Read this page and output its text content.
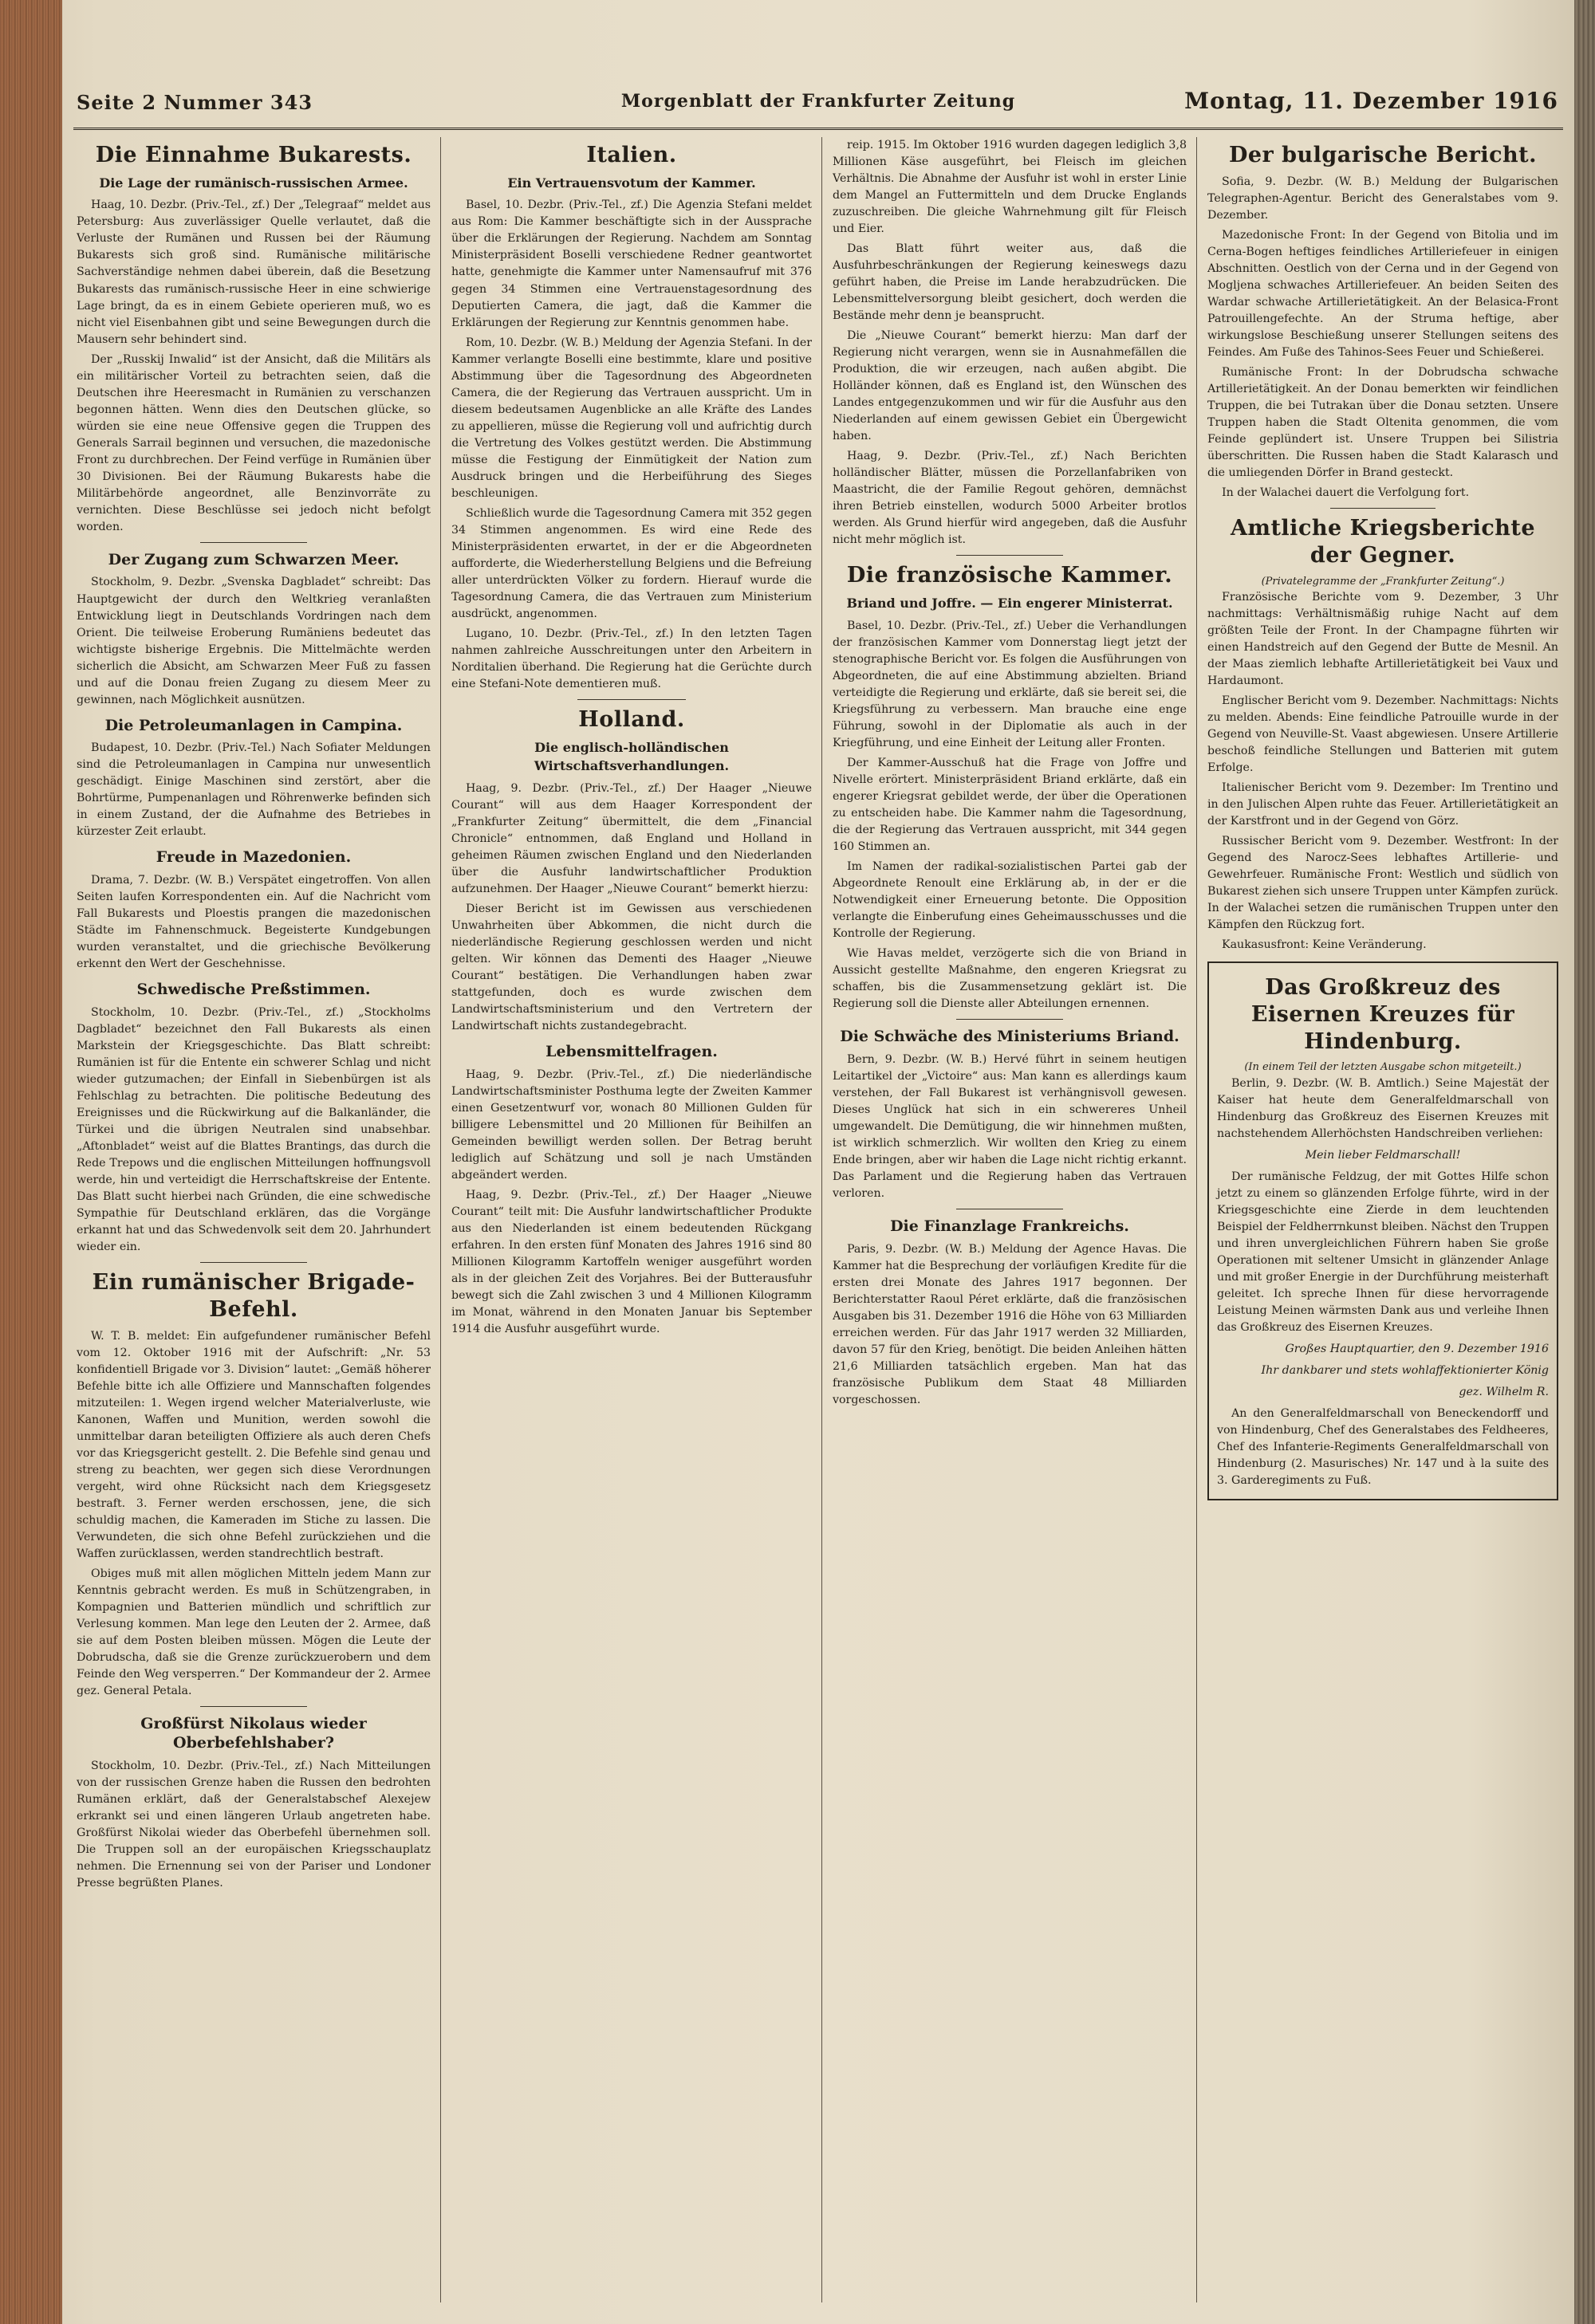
Seite 2 Nummer 343	Morgenblatt der Frankfurter Zeitung	Montag, 11. Dezember 1916
Die Einnahme Bukarests.
Die Lage der rumänisch-russischen Armee.

Haag, 10. Dezbr. (Priv.-Tel., zf.) Der „Telegraaf“ meldet aus Petersburg: Aus zuverlässiger Quelle verlautet, daß die Verluste der Rumänen und Russen bei der Räumung Bukarests sich groß sind. Rumänische militärische Sachverständige nehmen dabei überein, daß die Besetzung Bukarests das rumänisch-russische Heer in eine schwierige Lage bringt, da es in einem Gebiete operieren muß, wo es nicht viel Eisenbahnen gibt und seine Bewegungen durch die Mausern sehr behindert sind.

Der „Russkij Inwalid“ ist der Ansicht, daß die Militärs als ein militärischer Vorteil zu betrachten seien, daß die Deutschen ihre Heeresmacht in Rumänien zu verschanzen begonnen hätten. Wenn dies den Deutschen glücke, so würden sie eine neue Offensive gegen die Truppen des Generals Sarrail beginnen und versuchen, die mazedonische Front zu durchbrechen. Der Feind verfüge in Rumänien über 30 Divisionen. Bei der Räumung Bukarests habe die Militärbehörde angeordnet, alle Benzinvorräte zu vernichten. Diese Beschlüsse sei jedoch nicht befolgt worden.

Der Zugang zum Schwarzen Meer.

Stockholm, 9. Dezbr. „Svenska Dagbladet“ schreibt: Das Hauptgewicht der durch den Weltkrieg veranlaßten Entwicklung liegt in Deutschlands Vordringen nach dem Orient. Die teilweise Eroberung Rumäniens bedeutet das wichtigste bisherige Ergebnis. Die Mittelmächte werden sicherlich die Absicht, am Schwarzen Meer Fuß zu fassen und auf die Donau freien Zugang zu diesem Meer zu gewinnen, nach Möglichkeit ausnützen.

Die Petroleumanlagen in Campina.

Budapest, 10. Dezbr. (Priv.-Tel.) Nach Sofiater Meldungen sind die Petroleumanlagen in Campina nur unwesentlich geschädigt. Einige Maschinen sind zerstört, aber die Bohrtürme, Pumpenanlagen und Röhrenwerke befinden sich in einem Zustand, der die Aufnahme des Betriebes in kürzester Zeit erlaubt.

Freude in Mazedonien.

Drama, 7. Dezbr. (W. B.) Verspätet eingetroffen. Von allen Seiten laufen Korrespondenten ein. Auf die Nachricht vom Fall Bukarests und Ploestis prangen die mazedonischen Städte im Fahnenschmuck. Begeisterte Kundgebungen wurden veranstaltet, und die griechische Bevölkerung erkennt den Wert der Geschehnisse.

Schwedische Preßstimmen.

Stockholm, 10. Dezbr. (Priv.-Tel., zf.) „Stockholms Dagbladet“ bezeichnet den Fall Bukarests als einen Markstein der Kriegsgeschichte. Das Blatt schreibt: Rumänien ist für die Entente ein schwerer Schlag und nicht wieder gutzumachen; der Einfall in Siebenbürgen ist als Fehlschlag zu betrachten. Die politische Bedeutung des Ereignisses und die Rückwirkung auf die Balkanländer, die Türkei und die übrigen Neutralen sind unabsehbar. „Aftonbladet“ weist auf die Blattes Brantings, das durch die Rede Trepows und die englischen Mitteilungen hoffnungsvoll werde, hin und verteidigt die Herrschaftskreise der Entente. Das Blatt sucht hierbei nach Gründen, die eine schwedische Sympathie für Deutschland erklären, das die Vorgänge erkannt hat und das Schwedenvolk seit dem 20. Jahrhundert wieder ein.

Ein rumänischer Brigade-Befehl.

W. T. B. meldet: Ein aufgefundener rumänischer Befehl vom 12. Oktober 1916 mit der Aufschrift: „Nr. 53 konfidentiell Brigade vor 3. Division“ lautet: „Gemäß höherer Befehle bitte ich alle Offiziere und Mannschaften folgendes mitzuteilen: 1. Wegen irgend welcher Materialverluste, wie Kanonen, Waffen und Munition, werden sowohl die unmittelbar daran beteiligten Offiziere als auch deren Chefs vor das Kriegsgericht gestellt. 2. Die Befehle sind genau und streng zu beachten, wer gegen sich diese Verordnungen vergeht, wird ohne Rücksicht nach dem Kriegsgesetz bestraft. 3. Ferner werden erschossen, jene, die sich schuldig machen, die Kameraden im Stiche zu lassen. Die Verwundeten, die sich ohne Befehl zurückziehen und die Waffen zurücklassen, werden standrechtlich bestraft.

Obiges muß mit allen möglichen Mitteln jedem Mann zur Kenntnis gebracht werden. Es muß in Schützengraben, in Kompagnien und Batterien mündlich und schriftlich zur Verlesung kommen. Man lege den Leuten der 2. Armee, daß sie auf dem Posten bleiben müssen. Mögen die Leute der Dobrudscha, daß sie die Grenze zurückzuerobern und dem Feinde den Weg versperren.“ Der Kommandeur der 2. Armee gez. General Petala.

Großfürst Nikolaus wieder Oberbefehlshaber?

Stockholm, 10. Dezbr. (Priv.-Tel., zf.) Nach Mitteilungen von der russischen Grenze haben die Russen den bedrohten Rumänen erklärt, daß der Generalstabschef Alexejew erkrankt sei und einen längeren Urlaub angetreten habe. Großfürst Nikolai wieder das Oberbefehl übernehmen soll. Die Truppen soll an der europäischen Kriegsschauplatz nehmen. Die Ernennung sei von der Pariser und Londoner Presse begrüßten Planes.

Italien.
Ein Vertrauensvotum der Kammer.

Basel, 10. Dezbr. (Priv.-Tel., zf.) Die Agenzia Stefani meldet aus Rom: Die Kammer beschäftigte sich in der Aussprache über die Erklärungen der Regierung. Nachdem am Sonntag Ministerpräsident Boselli verschiedene Redner geantwortet hatte, genehmigte die Kammer unter Namensaufruf mit 376 gegen 34 Stimmen eine Vertrauenstagesordnung des Deputierten Camera, die jagt, daß die Kammer die Erklärungen der Regierung zur Kenntnis genommen habe.

Rom, 10. Dezbr. (W. B.) Meldung der Agenzia Stefani. In der Kammer verlangte Boselli eine bestimmte, klare und positive Abstimmung über die Tagesordnung des Abgeordneten Camera, die der Regierung das Vertrauen ausspricht. Um in diesem bedeutsamen Augenblicke an alle Kräfte des Landes zu appellieren, müsse die Regierung voll und aufrichtig durch die Vertretung des Volkes gestützt werden. Die Abstimmung müsse die Festigung der Einmütigkeit der Nation zum Ausdruck bringen und die Herbeiführung des Sieges beschleunigen.

Schließlich wurde die Tagesordnung Camera mit 352 gegen 34 Stimmen angenommen. Es wird eine Rede des Ministerpräsidenten erwartet, in der er die Abgeordneten aufforderte, die Wiederherstellung Belgiens und die Befreiung aller unterdrückten Völker zu fordern. Hierauf wurde die Tagesordnung Camera, die das Vertrauen zum Ministerium ausdrückt, angenommen.

Lugano, 10. Dezbr. (Priv.-Tel., zf.) In den letzten Tagen nahmen zahlreiche Ausschreitungen unter den Arbeitern in Norditalien überhand. Die Regierung hat die Gerüchte durch eine Stefani-Note dementieren muß.

Holland.
Die englisch-holländischen Wirtschaftsverhandlungen.

Haag, 9. Dezbr. (Priv.-Tel., zf.) Der Haager „Nieuwe Courant“ will aus dem Haager Korrespondent der „Frankfurter Zeitung“ übermittelt, die dem „Financial Chronicle“ entnommen, daß England und Holland in geheimen Räumen zwischen England und den Niederlanden über die Ausfuhr landwirtschaftlicher Produktion aufzunehmen. Der Haager „Nieuwe Courant“ bemerkt hierzu:

Dieser Bericht ist im Gewissen aus verschiedenen Unwahrheiten über Abkommen, die nicht durch die niederländische Regierung geschlossen werden und nicht gelten. Wir können das Dementi des Haager „Nieuwe Courant“ bestätigen. Die Verhandlungen haben zwar stattgefunden, doch es wurde zwischen dem Landwirtschaftsministerium und den Vertretern der Landwirtschaft nichts zustandegebracht.

Lebensmittelfragen.

Haag, 9. Dezbr. (Priv.-Tel., zf.) Die niederländische Landwirtschaftsminister Posthuma legte der Zweiten Kammer einen Gesetzentwurf vor, wonach 80 Millionen Gulden für billigere Lebensmittel und 20 Millionen für Beihilfen an Gemeinden bewilligt werden sollen. Der Betrag beruht lediglich auf Schätzung und soll je nach Umständen abgeändert werden.

Haag, 9. Dezbr. (Priv.-Tel., zf.) Der Haager „Nieuwe Courant“ teilt mit: Die Ausfuhr landwirtschaftlicher Produkte aus den Niederlanden ist einem bedeutenden Rückgang erfahren. In den ersten fünf Monaten des Jahres 1916 sind 80 Millionen Kilogramm Kartoffeln weniger ausgeführt worden als in der gleichen Zeit des Vorjahres. Bei der Butterausfuhr bewegt sich die Zahl zwischen 3 und 4 Millionen Kilogramm im Monat, während in den Monaten Januar bis September 1914 die Ausfuhr ausgeführt wurde.

reip. 1915. Im Oktober 1916 wurden dagegen lediglich 3,8 Millionen Käse ausgeführt, bei Fleisch im gleichen Verhältnis. Die Abnahme der Ausfuhr ist wohl in erster Linie dem Mangel an Futtermitteln und dem Drucke Englands zuzuschreiben. Die gleiche Wahrnehmung gilt für Fleisch und Eier.

Das Blatt führt weiter aus, daß die Ausfuhrbeschränkungen der Regierung keineswegs dazu geführt haben, die Preise im Lande herabzudrücken. Die Lebensmittelversorgung bleibt gesichert, doch werden die Bestände mehr denn je beansprucht.

Die „Nieuwe Courant“ bemerkt hierzu: Man darf der Regierung nicht verargen, wenn sie in Ausnahmefällen die Produktion, die wir erzeugen, nach außen abgibt. Die Holländer können, daß es England ist, den Wünschen des Landes entgegenzukommen und wir für die Ausfuhr aus den Niederlanden auf einem gewissen Gebiet ein Übergewicht haben.

Haag, 9. Dezbr. (Priv.-Tel., zf.) Nach Berichten holländischer Blätter, müssen die Porzellanfabriken von Maastricht, die der Familie Regout gehören, demnächst ihren Betrieb einstellen, wodurch 5000 Arbeiter brotlos werden. Als Grund hierfür wird angegeben, daß die Ausfuhr nicht mehr möglich ist.

Die französische Kammer.
Briand und Joffre. — Ein engerer Ministerrat.

Basel, 10. Dezbr. (Priv.-Tel., zf.) Ueber die Verhandlungen der französischen Kammer vom Donnerstag liegt jetzt der stenographische Bericht vor. Es folgen die Ausführungen von Abgeordneten, die auf eine Abstimmung abzielten. Briand verteidigte die Regierung und erklärte, daß sie bereit sei, die Kriegsführung zu verbessern. Man brauche eine enge Führung, sowohl in der Diplomatie als auch in der Kriegführung, und eine Einheit der Leitung aller Fronten.

Der Kammer-Ausschuß hat die Frage von Joffre und Nivelle erörtert. Ministerpräsident Briand erklärte, daß ein engerer Kriegsrat gebildet werde, der über die Operationen zu entscheiden habe. Die Kammer nahm die Tagesordnung, die der Regierung das Vertrauen ausspricht, mit 344 gegen 160 Stimmen an.

Im Namen der radikal-sozialistischen Partei gab der Abgeordnete Renoult eine Erklärung ab, in der er die Notwendigkeit einer Erneuerung betonte. Die Opposition verlangte die Einberufung eines Geheimausschusses und die Kontrolle der Regierung.

Wie Havas meldet, verzögerte sich die von Briand in Aussicht gestellte Maßnahme, den engeren Kriegsrat zu schaffen, bis die Zusammensetzung geklärt ist. Die Regierung soll die Dienste aller Abteilungen ernennen.

Die Schwäche des Ministeriums Briand.

Bern, 9. Dezbr. (W. B.) Hervé führt in seinem heutigen Leitartikel der „Victoire“ aus: Man kann es allerdings kaum verstehen, der Fall Bukarest ist verhängnisvoll gewesen. Dieses Unglück hat sich in ein schwereres Unheil umgewandelt. Die Demütigung, die wir hinnehmen mußten, ist wirklich schmerzlich. Wir wollten den Krieg zu einem Ende bringen, aber wir haben die Lage nicht richtig erkannt. Das Parlament und die Regierung haben das Vertrauen verloren.

Die Finanzlage Frankreichs.

Paris, 9. Dezbr. (W. B.) Meldung der Agence Havas. Die Kammer hat die Besprechung der vorläufigen Kredite für die ersten drei Monate des Jahres 1917 begonnen. Der Berichterstatter Raoul Péret erklärte, daß die französischen Ausgaben bis 31. Dezember 1916 die Höhe von 63 Milliarden erreichen werden. Für das Jahr 1917 werden 32 Milliarden, davon 57 für den Krieg, benötigt. Die beiden Anleihen hätten 21,6 Milliarden tatsächlich ergeben. Man hat das französische Publikum dem Staat 48 Milliarden vorgeschossen.

Der bulgarische Bericht.

Sofia, 9. Dezbr. (W. B.) Meldung der Bulgarischen Telegraphen-Agentur. Bericht des Generalstabes vom 9. Dezember.

Mazedonische Front: In der Gegend von Bitolia und im Cerna-Bogen heftiges feindliches Artilleriefeuer in einigen Abschnitten. Oestlich von der Cerna und in der Gegend von Mogljena schwaches Artilleriefeuer. An beiden Seiten des Wardar schwache Artillerietätigkeit. An der Belasica-Front Patrouillengefechte. An der Struma heftige, aber wirkungslose Beschießung unserer Stellungen seitens des Feindes. Am Fuße des Tahinos-Sees Feuer und Schießerei.

Rumänische Front: In der Dobrudscha schwache Artillerietätigkeit. An der Donau bemerkten wir feindlichen Truppen, die bei Tutrakan über die Donau setzten. Unsere Truppen haben die Stadt Oltenita genommen, die vom Feinde geplündert ist. Unsere Truppen bei Silistria überschritten. Die Russen haben die Stadt Kalarasch und die umliegenden Dörfer in Brand gesteckt.

In der Walachei dauert die Verfolgung fort.

Amtliche Kriegsberichte der Gegner.
(Privatelegramme der „Frankfurter Zeitung“.)

Französische Berichte vom 9. Dezember, 3 Uhr nachmittags: Verhältnismäßig ruhige Nacht auf dem größten Teile der Front. In der Champagne führten wir einen Handstreich auf den Gegend der Butte de Mesnil. An der Maas ziemlich lebhafte Artillerietätigkeit bei Vaux und Hardaumont.

Englischer Bericht vom 9. Dezember. Nachmittags: Nichts zu melden. Abends: Eine feindliche Patrouille wurde in der Gegend von Neuville-St. Vaast abgewiesen. Unsere Artillerie beschoß feindliche Stellungen und Batterien mit gutem Erfolge.

Italienischer Bericht vom 9. Dezember: Im Trentino und in den Julischen Alpen ruhte das Feuer. Artillerietätigkeit an der Karstfront und in der Gegend von Görz.

Russischer Bericht vom 9. Dezember. Westfront: In der Gegend des Narocz-Sees lebhaftes Artillerie- und Gewehrfeuer. Rumänische Front: Westlich und südlich von Bukarest ziehen sich unsere Truppen unter Kämpfen zurück. In der Walachei setzen die rumänischen Truppen unter den Kämpfen den Rückzug fort.

Kaukasusfront: Keine Veränderung.

Das Großkreuz des Eisernen Kreuzes für Hindenburg.
(In einem Teil der letzten Ausgabe schon mitgeteilt.)

Berlin, 9. Dezbr. (W. B. Amtlich.) Seine Majestät der Kaiser hat heute dem Generalfeldmarschall von Hindenburg das Großkreuz des Eisernen Kreuzes mit nachstehendem Allerhöchsten Handschreiben verliehen:

Mein lieber Feldmarschall!

Der rumänische Feldzug, der mit Gottes Hilfe schon jetzt zu einem so glänzenden Erfolge führte, wird in der Kriegsgeschichte eine Zierde in dem leuchtenden Beispiel der Feldherrnkunst bleiben. Nächst den Truppen und ihren unvergleichlichen Führern haben Sie große Operationen mit seltener Umsicht in glänzender Anlage und mit großer Energie in der Durchführung meisterhaft geleitet. Ich spreche Ihnen für diese hervorragende Leistung Meinen wärmsten Dank aus und verleihe Ihnen das Großkreuz des Eisernen Kreuzes.

Großes Hauptquartier, den 9. Dezember 1916
Ihr dankbarer und stets wohlaffektionierter König
gez. Wilhelm R.

An den Generalfeldmarschall von Beneckendorff und von Hindenburg, Chef des Generalstabes des Feldheeres, Chef des Infanterie-Regiments Generalfeldmarschall von Hindenburg (2. Masurisches) Nr. 147 und à la suite des 3. Garderegiments zu Fuß.
